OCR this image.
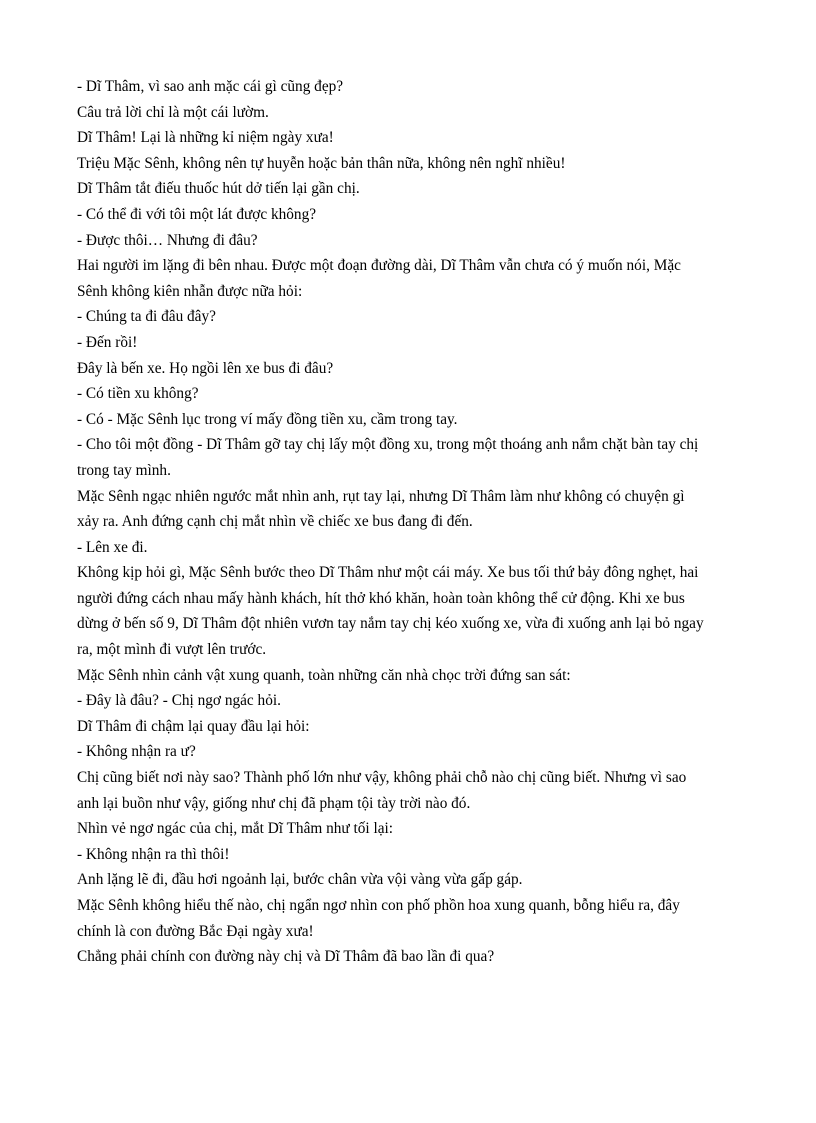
- Dĩ Thâm, vì sao anh mặc cái gì cũng đẹp?
Câu trả lời chỉ là một cái lườm.
Dĩ Thâm! Lại là những kỉ niệm ngày xưa!
Triệu Mặc Sênh, không nên tự huyễn hoặc bản thân nữa, không nên nghĩ nhiều!
Dĩ Thâm tắt điếu thuốc hút dở tiến lại gần chị.
- Có thể đi với tôi một lát được không?
- Được thôi… Nhưng đi đâu?
Hai người im lặng đi bên nhau. Được một đoạn đường dài, Dĩ Thâm vẫn chưa có ý muốn nói, Mặc
Sênh không kiên nhẫn được nữa hỏi:
- Chúng ta đi đâu đây?
- Đến rồi!
Đây là bến xe. Họ ngồi lên xe bus đi đâu?
- Có tiền xu không?
- Có - Mặc Sênh lục trong ví mấy đồng tiền xu, cầm trong tay.
- Cho tôi một đồng - Dĩ Thâm gỡ tay chị lấy một đồng xu, trong một thoáng anh nắm chặt bàn tay chị
trong tay mình.
Mặc Sênh ngạc nhiên ngước mắt nhìn anh, rụt tay lại, nhưng Dĩ Thâm làm như không có chuyện gì
xảy ra. Anh đứng cạnh chị mắt nhìn về chiếc xe bus đang đi đến.
- Lên xe đi.
Không kịp hỏi gì, Mặc Sênh bước theo Dĩ Thâm như một cái máy. Xe bus tối thứ bảy đông nghẹt, hai
người đứng cách nhau mấy hành khách, hít thở khó khăn, hoàn toàn không thể cử động. Khi xe bus
dừng ở bến số 9, Dĩ Thâm đột nhiên vươn tay nắm tay chị kéo xuống xe, vừa đi xuống anh lại bỏ ngay
ra, một mình đi vượt lên trước.
Mặc Sênh nhìn cảnh vật xung quanh, toàn những căn nhà chọc trời đứng san sát:
- Đây là đâu? - Chị ngơ ngác hỏi.
Dĩ Thâm đi chậm lại quay đầu lại hỏi:
- Không nhận ra ư?
Chị cũng biết nơi này sao? Thành phố lớn như vậy, không phải chỗ nào chị cũng biết. Nhưng vì sao
anh lại buồn như vậy, giống như chị đã phạm tội tày trời nào đó.
Nhìn vẻ ngơ ngác của chị, mắt Dĩ Thâm như tối lại:
- Không nhận ra thì thôi!
Anh lặng lẽ đi, đầu hơi ngoảnh lại, bước chân vừa vội vàng vừa gấp gáp.
Mặc Sênh không hiểu thế nào, chị ngẩn ngơ nhìn con phố phồn hoa xung quanh, bỗng hiểu ra, đây
chính là con đường Bắc Đại ngày xưa!
Chẳng phải chính con đường này chị và Dĩ Thâm đã bao lần đi qua?
